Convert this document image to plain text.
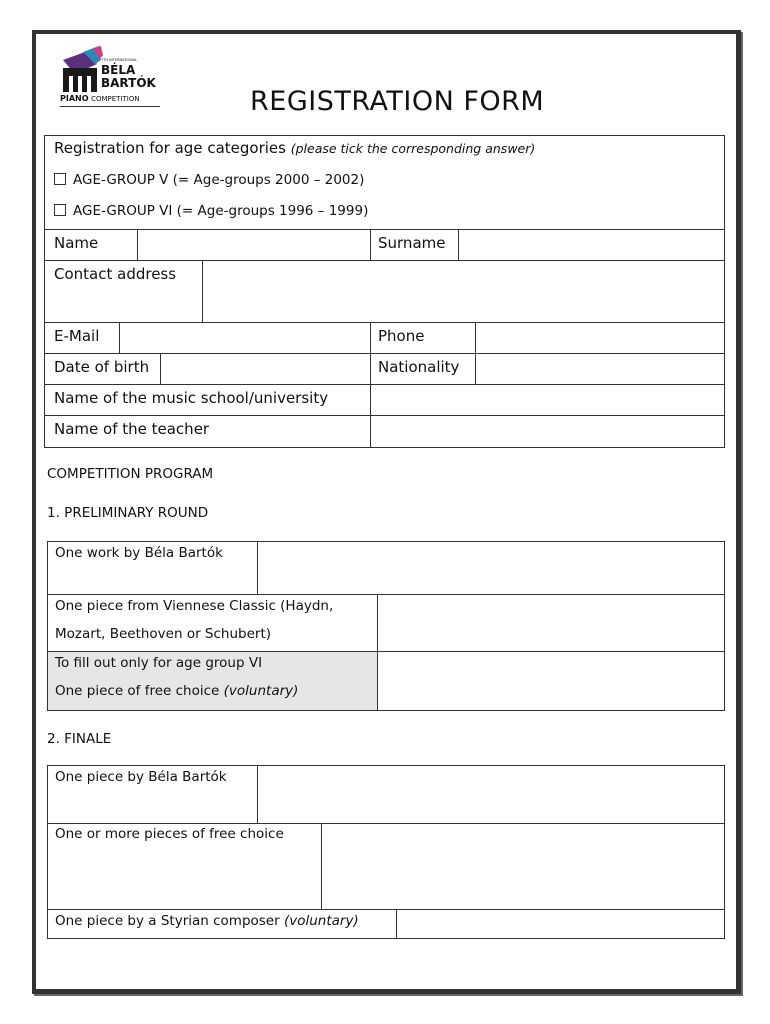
7TH INTERNATIONAL
BÉLA
BARTÓK
PIANO COMPETITION	REGISTRATION FORM
Registration for age categories (please tick the corresponding answer)
AGE-GROUP V (= Age-groups 2000 – 2002)
AGE-GROUP VI (= Age-groups 1996 – 1999)
Name	Surname
Contact address
E-Mail	Phone
Date of birth	Nationality
Name of the music school/university
Name of the teacher
COMPETITION PROGRAM
1. PRELIMINARY ROUND
One work by Béla Bartók
One piece from Viennese Classic (Haydn,
Mozart, Beethoven or Schubert)
To fill out only for age group VI
One piece of free choice (voluntary)
2. FINALE
One piece by Béla Bartók
One or more pieces of free choice
One piece by a Styrian composer (voluntary)
